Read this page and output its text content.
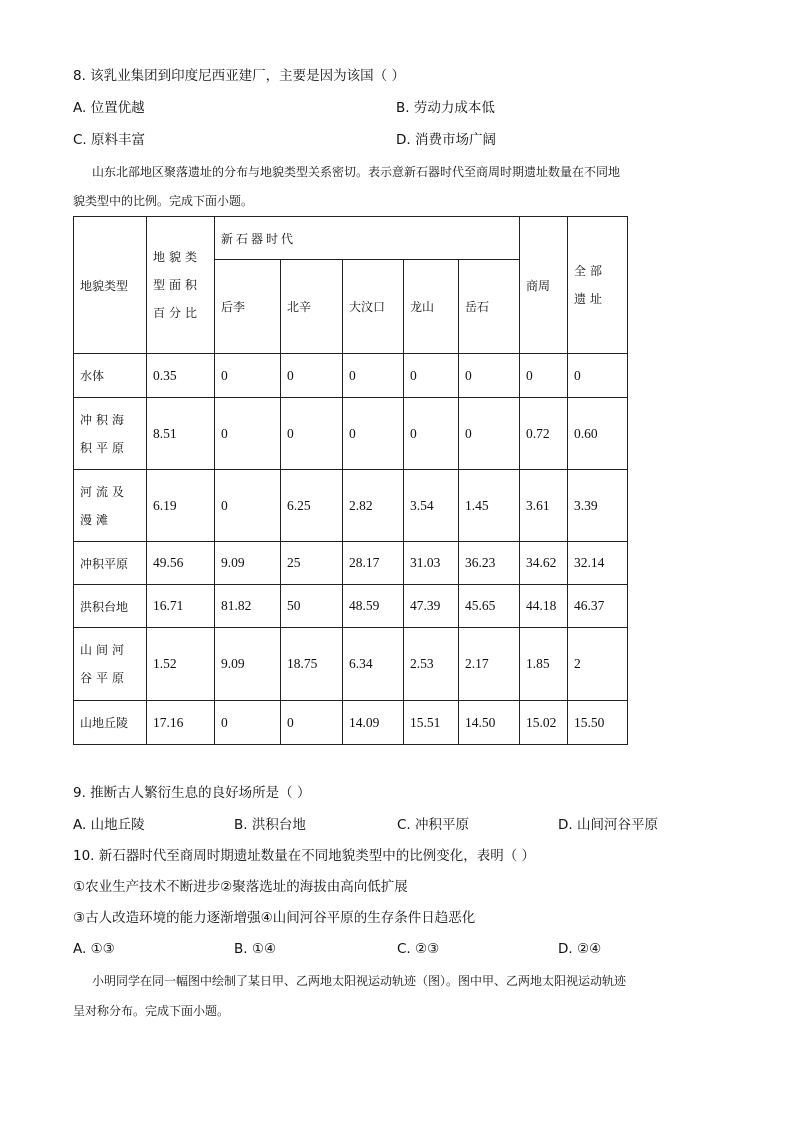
8. 该乳业集团到印度尼西亚建厂，主要是因为该国（ ）
A. 位置优越	B. 劳动力成本低
C. 原料丰富	D. 消费市场广阔
山东北部地区聚落遗址的分布与地貌类型关系密切。表示意新石器时代至商周时期遗址数量在不同地
貌类型中的比例。完成下面小题。
地貌类型	地貌类型面积百分比	新石器时代					商周	全部遗址
		后李	北辛	大汶口	龙山	岳石		
水体	0.35	0	0	0	0	0	0	0
冲积海积平原	8.51	0	0	0	0	0	0.72	0.60
河流及漫滩	6.19	0	6.25	2.82	3.54	1.45	3.61	3.39
冲积平原	49.56	9.09	25	28.17	31.03	36.23	34.62	32.14
洪积台地	16.71	81.82	50	48.59	47.39	45.65	44.18	46.37
山间河谷平原	1.52	9.09	18.75	6.34	2.53	2.17	1.85	2
山地丘陵	17.16	0	0	14.09	15.51	14.50	15.02	15.50
9. 推断古人繁衍生息的良好场所是（ ）
A. 山地丘陵	B. 洪积台地	C. 冲积平原	D. 山间河谷平原
10. 新石器时代至商周时期遗址数量在不同地貌类型中的比例变化，表明（ ）
①农业生产技术不断进步②聚落选址的海拔由高向低扩展
③古人改造环境的能力逐渐增强④山间河谷平原的生存条件日趋恶化
A. ①③	B. ①④	C. ②③	D. ②④
小明同学在同一幅图中绘制了某日甲、乙两地太阳视运动轨迹（图）。图中甲、乙两地太阳视运动轨迹
呈对称分布。完成下面小题。
